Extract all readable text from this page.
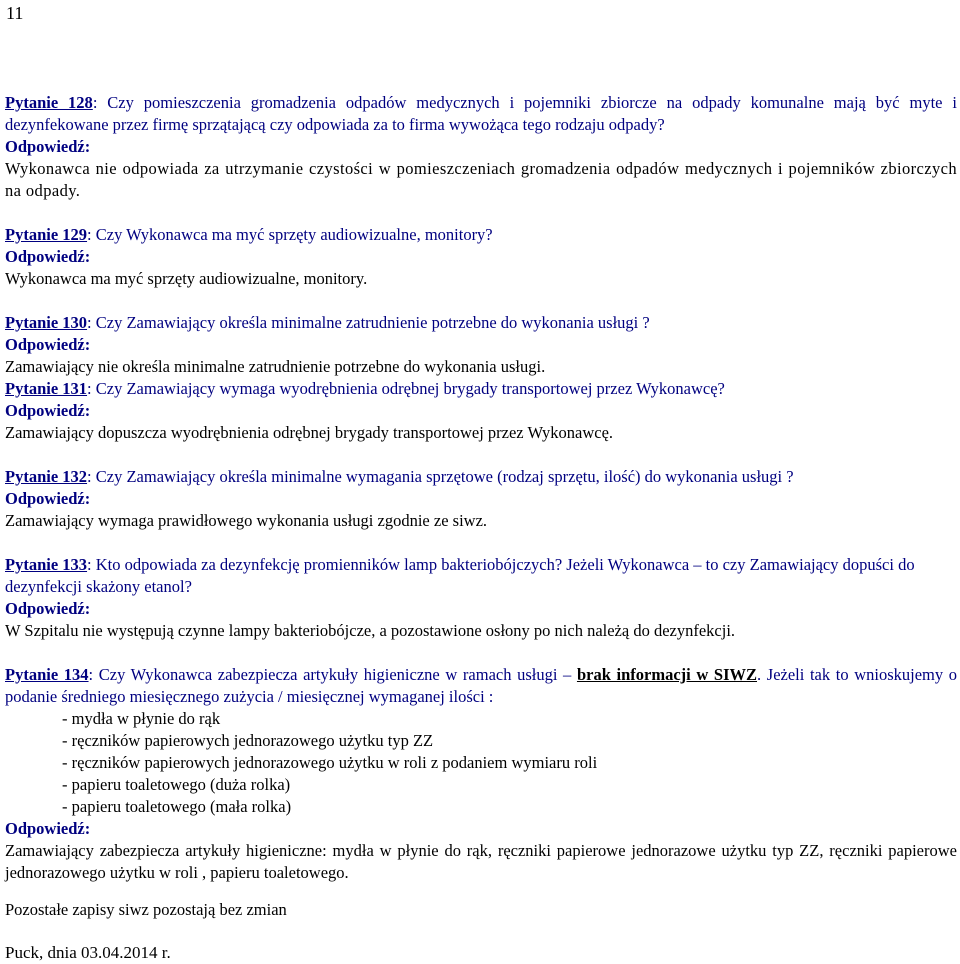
11

Pytanie 128: Czy pomieszczenia gromadzenia odpadów medycznych i pojemniki zbiorcze na odpady komunalne mają być myte i dezynfekowane przez firmę sprzątającą czy odpowiada za to firma wywożąca tego rodzaju odpady?

Odpowiedź:

Wykonawca nie odpowiada za utrzymanie czystości w pomieszczeniach gromadzenia odpadów medycznych i pojemników zbiorczych na odpady.

Pytanie 129: Czy Wykonawca ma myć sprzęty audiowizualne, monitory?

Odpowiedź:

Wykonawca ma myć sprzęty audiowizualne, monitory.

Pytanie 130: Czy Zamawiający określa minimalne zatrudnienie potrzebne do wykonania usługi ?

Odpowiedź:

Zamawiający nie określa minimalne zatrudnienie potrzebne do wykonania usługi.

Pytanie 131: Czy Zamawiający wymaga wyodrębnienia odrębnej brygady transportowej przez Wykonawcę?

Odpowiedź:

Zamawiający dopuszcza wyodrębnienia odrębnej brygady transportowej przez Wykonawcę.

Pytanie 132: Czy Zamawiający określa minimalne wymagania sprzętowe (rodzaj sprzętu, ilość) do wykonania usługi ?

Odpowiedź:

Zamawiający wymaga prawidłowego wykonania usługi zgodnie ze siwz.

Pytanie 133: Kto odpowiada za dezynfekcję promienników lamp bakteriobójczych? Jeżeli Wykonawca – to czy Zamawiający dopuści do dezynfekcji skażony etanol?

Odpowiedź:

W Szpitalu nie występują czynne lampy bakteriobójcze, a pozostawione osłony po nich należą do dezynfekcji.

Pytanie 134: Czy Wykonawca zabezpiecza artykuły higieniczne w ramach usługi – brak informacji w SIWZ. Jeżeli tak to wnioskujemy o podanie średniego miesięcznego zużycia / miesięcznej wymaganej ilości :

- mydła w płynie do rąk

- ręczników papierowych jednorazowego użytku typ ZZ

- ręczników papierowych jednorazowego użytku w roli z podaniem wymiaru roli

- papieru toaletowego (duża rolka)

- papieru toaletowego (mała rolka)

Odpowiedź:

Zamawiający zabezpiecza artykuły higieniczne: mydła w płynie do rąk, ręczniki papierowe jednorazowe użytku typ ZZ, ręczniki papierowe jednorazowego użytku w roli , papieru toaletowego.

Pozostałe zapisy siwz pozostają bez zmian

Puck, dnia 03.04.2014 r.
